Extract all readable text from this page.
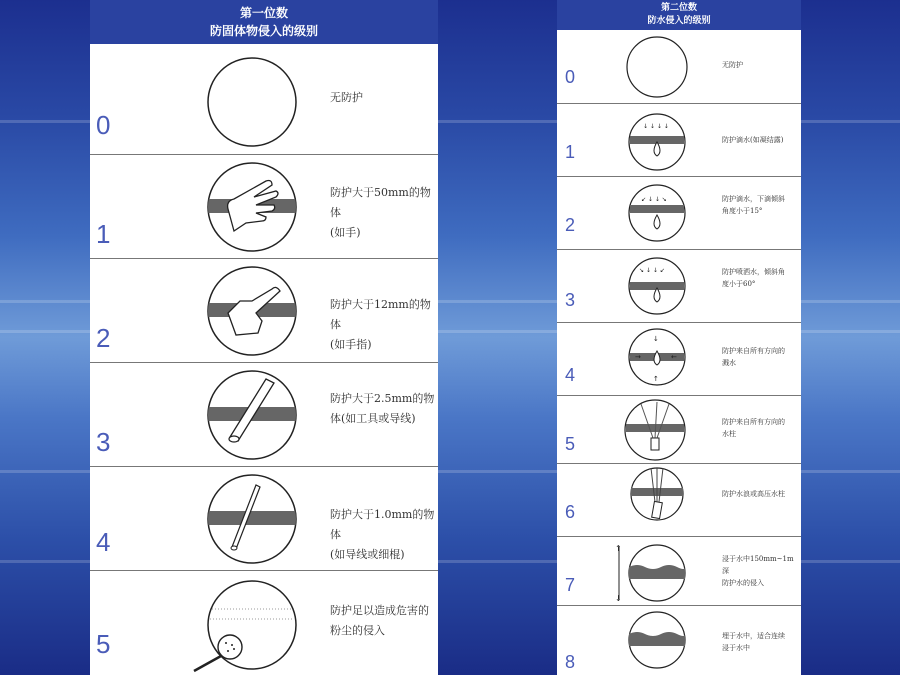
第一位数
防固体物侵入的级别
0
无防护
1
防护大于50mm的物体
(如手)
2
防护大于12mm的物体
(如手指)
3
防护大于2.5mm的物
体(如工具或导线)
4
防护大于1.0mm的物体
(如导线或细棍)
5
防护足以造成危害的
粉尘的侵入
第二位数
防水侵入的级别
0
无防护
1
↓ ↓ ↓ ↓
防护滴水(如凝结露)
2
↙ ↓ ↓ ↘	防护滴水，下滴倾斜
角度小于15°
3
↘ ↓ ↓ ↙	防护喷洒水，倾斜角
度小于60°
4
↓
→	←
↑
防护来自所有方向的
溅水
5
防护来自所有方向的
水柱
6
防护水浪或高压水柱
7
↑
↓
浸于水中150mm~1m深
防护水的侵入
8
埋于水中，适合连续
浸于水中
